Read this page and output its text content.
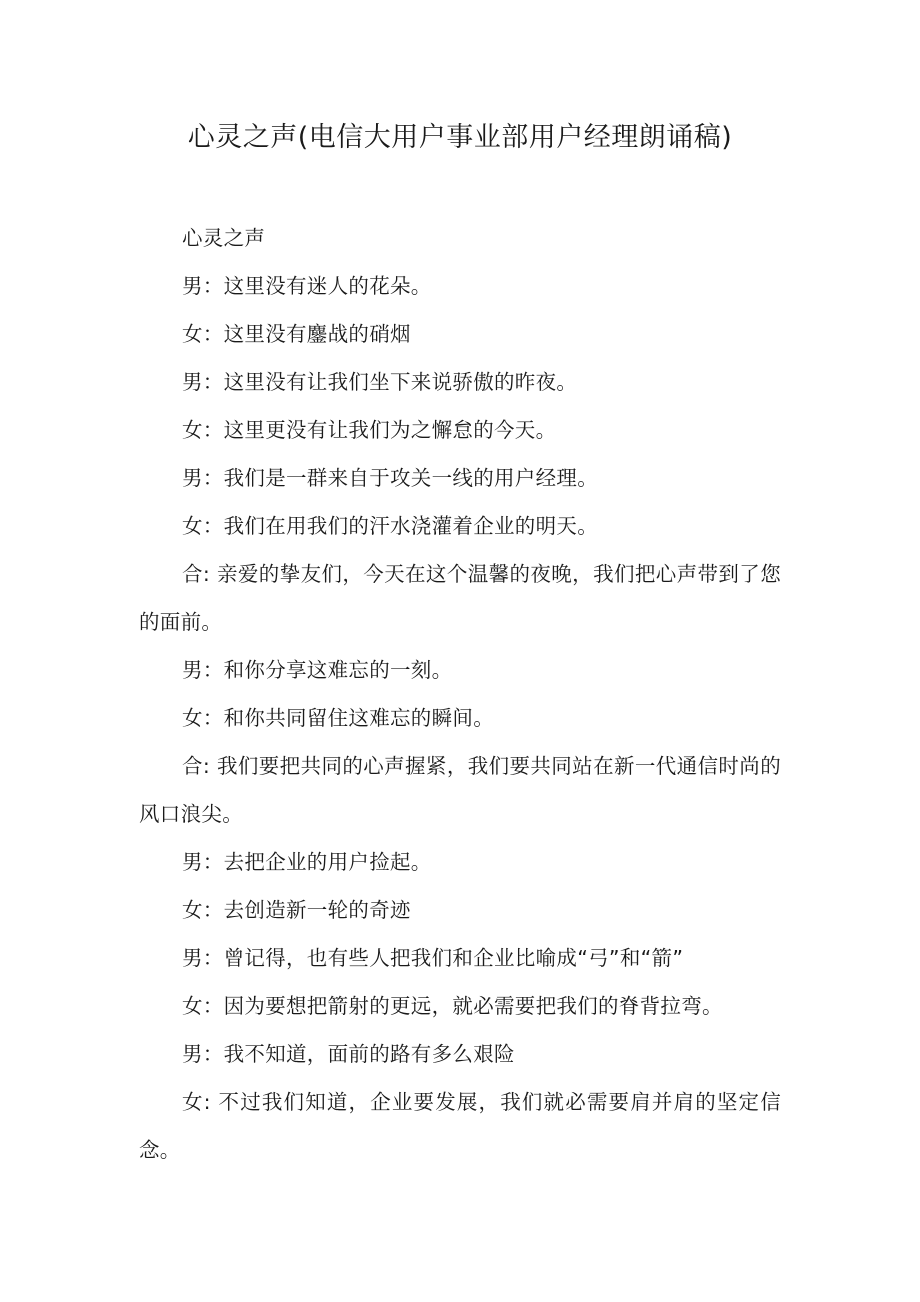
心灵之声(电信大用户事业部用户经理朗诵稿)

心灵之声

男：这里没有迷人的花朵。

女：这里没有鏖战的硝烟

男：这里没有让我们坐下来说骄傲的昨夜。

女：这里更没有让我们为之懈怠的今天。

男：我们是一群来自于攻关一线的用户经理。

女：我们在用我们的汗水浇灌着企业的明天。

合: 亲爱的挚友们，今天在这个温馨的夜晚，我们把心声带到了您的面前。

男：和你分享这难忘的一刻。

女：和你共同留住这难忘的瞬间。

合: 我们要把共同的心声握紧，我们要共同站在新一代通信时尚的风口浪尖。

男：去把企业的用户捡起。

女：去创造新一轮的奇迹

男：曾记得，也有些人把我们和企业比喻成“弓”和“箭”

女：因为要想把箭射的更远，就必需要把我们的脊背拉弯。

男：我不知道，面前的路有多么艰险

女: 不过我们知道，企业要发展，我们就必需要肩并肩的坚定信念。
